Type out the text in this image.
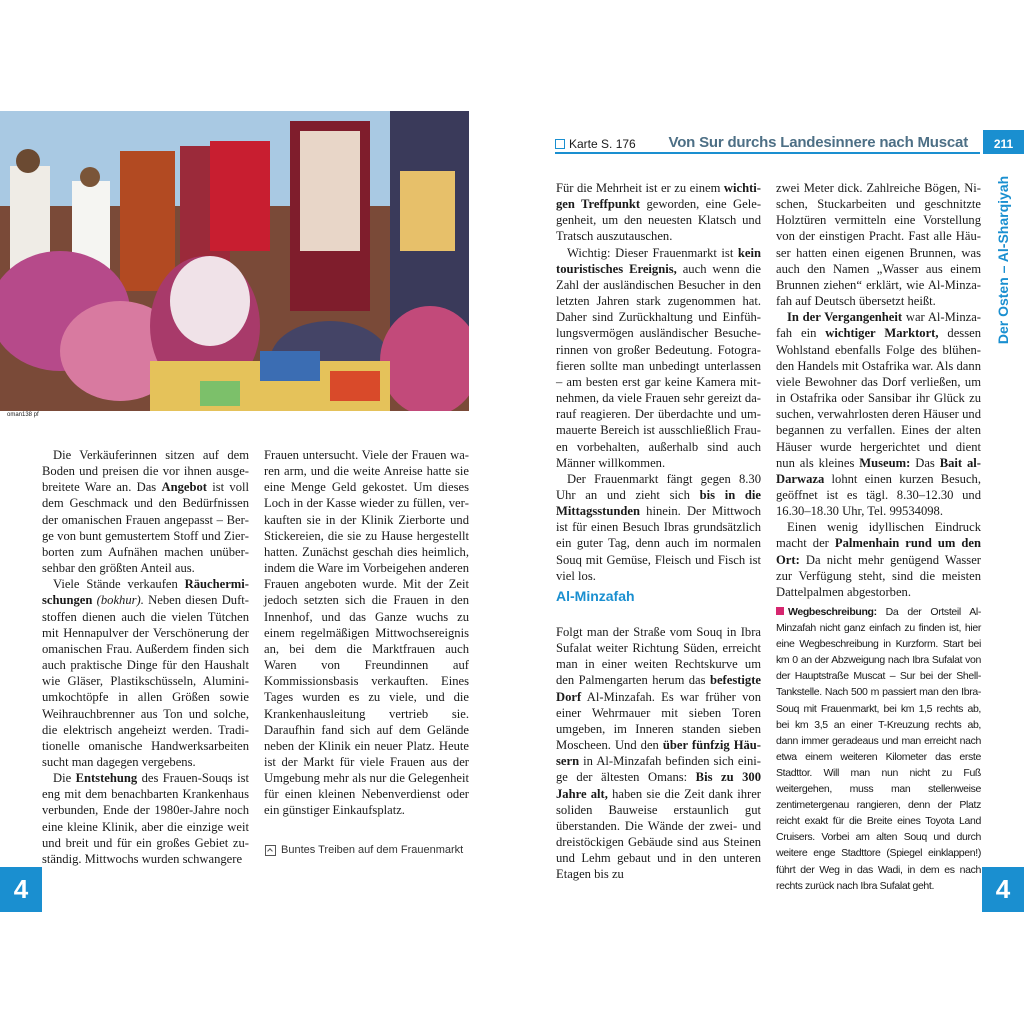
oman138 pf

Die Verkäuferinnen sitzen auf dem Boden und preisen die vor ihnen ausgebreitete Ware an. Das Angebot ist voll dem Geschmack und den Bedürfnissen der omanischen Frauen angepasst – Berge von bunt gemustertem Stoff und Zierborten zum Aufnähen machen unübersehbar den größten Anteil aus.

Viele Stände verkaufen Räuchermischungen (bokhur). Neben diesen Duftstoffen dienen auch die vielen Tütchen mit Hennapulver der Verschönerung der omanischen Frau. Außerdem finden sich auch praktische Dinge für den Haushalt wie Gläser, Plastikschüsseln, Aluminiumkochtöpfe in allen Größen sowie Weihrauchbrenner aus Ton und solche, die elektrisch angeheizt werden. Traditionelle omanische Handwerksarbeiten sucht man dagegen vergebens.

Die Entstehung des Frauen-Souqs ist eng mit dem benachbarten Krankenhaus verbunden, Ende der 1980er-Jahre noch eine kleine Klinik, aber die einzige weit und breit und für ein großes Gebiet zuständig. Mittwochs wurden schwangere

Frauen untersucht. Viele der Frauen waren arm, und die weite Anreise hatte sie eine Menge Geld gekostet. Um dieses Loch in der Kasse wieder zu füllen, verkauften sie in der Klinik Zierborte und Stickereien, die sie zu Hause hergestellt hatten. Zunächst geschah dies heimlich, indem die Ware im Vorbeigehen anderen Frauen angeboten wurde. Mit der Zeit jedoch setzten sich die Frauen in den Innenhof, und das Ganze wuchs zu einem regelmäßigen Mittwochsereignis an, bei dem die Marktfrauen auch Waren von Freundinnen auf Kommissionsbasis verkauften. Eines Tages wurden es zu viele, und die Krankenhausleitung vertrieb sie. Daraufhin fand sich auf dem Gelände neben der Klinik ein neuer Platz. Heute ist der Markt für viele Frauen aus der Umgebung mehr als nur die Gelegenheit für einen kleinen Nebenverdienst oder ein günstiger Einkaufsplatz.

Buntes Treiben auf dem Frauenmarkt
4
Karte S. 176 Von Sur durchs Landesinnere nach Muscat	211
Der Osten – Al-Sharqiyah

Für die Mehrheit ist er zu einem wichtigen Treffpunkt geworden, eine Gelegenheit, um den neuesten Klatsch und Tratsch auszutauschen.

Wichtig: Dieser Frauenmarkt ist kein touristisches Ereignis, auch wenn die Zahl der ausländischen Besucher in den letzten Jahren stark zugenommen hat. Daher sind Zurückhaltung und Einfühlungsvermögen ausländischer Besucherinnen von großer Bedeutung. Fotografieren sollte man unbedingt unterlassen – am besten erst gar keine Kamera mitnehmen, da viele Frauen sehr gereizt darauf reagieren. Der überdachte und ummauerte Bereich ist ausschließlich Frauen vorbehalten, außerhalb sind auch Männer willkommen.

Der Frauenmarkt fängt gegen 8.30 Uhr an und zieht sich bis in die Mittagsstunden hinein. Der Mittwoch ist für einen Besuch Ibras grundsätzlich ein guter Tag, denn auch im normalen Souq mit Gemüse, Fleisch und Fisch ist viel los.

Al-Minzafah

Folgt man der Straße vom Souq in Ibra Sufalat weiter Richtung Süden, erreicht man in einer weiten Rechtskurve um den Palmengarten herum das befestigte Dorf Al-Minzafah. Es war früher von einer Wehrmauer mit sieben Toren umgeben, im Inneren standen sieben Moscheen. Und den über fünfzig Häusern in Al-Minzafah befinden sich einige der ältesten Omans: Bis zu 300 Jahre alt, haben sie die Zeit dank ihrer soliden Bauweise erstaunlich gut überstanden. Die Wände der zwei- und dreistöckigen Gebäude sind aus Steinen und Lehm gebaut und in den unteren Etagen bis zu

zwei Meter dick. Zahlreiche Bögen, Nischen, Stuckarbeiten und geschnitzte Holztüren vermitteln eine Vorstellung von der einstigen Pracht. Fast alle Häuser hatten einen eigenen Brunnen, was auch den Namen „Wasser aus einem Brunnen ziehen“ erklärt, wie Al-Minzafah auf Deutsch übersetzt heißt.

In der Vergangenheit war Al-Minzafah ein wichtiger Marktort, dessen Wohlstand ebenfalls Folge des blühenden Handels mit Ostafrika war. Als dann viele Bewohner das Dorf verließen, um in Ostafrika oder Sansibar ihr Glück zu suchen, verwahrlosten deren Häuser und begannen zu verfallen. Eines der alten Häuser wurde hergerichtet und dient nun als kleines Museum: Das Bait al-Darwaza lohnt einen kurzen Besuch, geöffnet ist es tägl. 8.30–12.30 und 16.30–18.30 Uhr, Tel. 99534098.

Einen wenig idyllischen Eindruck macht der Palmenhain rund um den Ort: Da nicht mehr genügend Wasser zur Verfügung steht, sind die meisten Dattelpalmen abgestorben.

Wegbeschreibung: Da der Ortsteil Al-Minzafah nicht ganz einfach zu finden ist, hier eine Wegbeschreibung in Kurzform. Start bei km 0 an der Abzweigung nach Ibra Sufalat von der Hauptstraße Muscat – Sur bei der Shell-Tankstelle. Nach 500 m passiert man den Ibra-Souq mit Frauenmarkt, bei km 1,5 rechts ab, bei km 3,5 an einer T-Kreuzung rechts ab, dann immer geradeaus und man erreicht nach etwa einem weiteren Kilometer das erste Stadttor. Will man nun nicht zu Fuß weitergehen, muss man stellenweise zentimetergenau rangieren, denn der Platz reicht exakt für die Breite eines Toyota Land Cruisers. Vorbei am alten Souq und durch weitere enge Stadttore (Spiegel einklappen!) führt der Weg in das Wadi, in dem es nach rechts zurück nach Ibra Sufalat geht.	4
